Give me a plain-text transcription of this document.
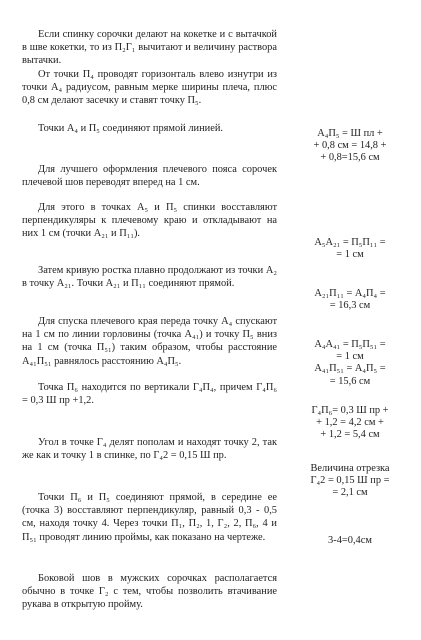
Если спинку сорочки делают на кокетке и с вытачкой в шве кокетки, то из П₂Г₁ вычитают и величину раствора вытачки.

От точки П₄ проводят горизонталь влево изнутри из точки А₄ радиусом, равным мерке ширины плеча, плюс 0,8 см делают засечку и ставят точку П₅.

Точки А₄ и П₅ соединяют прямой линией.

Для лучшего оформления плечевого пояса сорочек плечевой шов переводят вперед на 1 см.

Для этого в точках А₅ и П₅ спинки восставляют перпендикуляры к плечевому краю и откладывают на них 1 см (точки А₂₁ и П₁₁).

Затем кривую ростка плавно продолжают из точки А₂ в точку А₂₁. Точки А₂₁ и П₁₁ соединяют прямой.

Для спуска плечевого края переда точку А₄ спускают на 1 см по линии горловины (точка А₄₁) и точку П₅ вниз на 1 см (точка П₅₁) таким образом, чтобы расстояние А₄₁П₅₁ равнялось расстоянию А₄П₅.

Точка П₆ находится по вертикали Г₄П₄, причем Г₄П₆ = 0,3 Ш пр +1,2.

Угол в точке Г₄ делят пополам и находят точку 2, так же как и точку 1 в спинке, по Г₄2 = 0,15 Ш пр.

Точки П₆ и П₅ соединяют прямой, в середине ее (точка 3) восставляют перпендикуляр, равный 0,3 - 0,5 см, находя точку 4. Через точки П₁, П₂, 1, Г₂, 2, П₆, 4 и П₅₁ проводят линию проймы, как показано на чертеже.

Боковой шов в мужских сорочках располагается обычно в точке Г₂ с тем, чтобы позволить втачивание рукава в открытую пройму.

А₄П₅ = Ш пл +
+ 0,8 см = 14,8 +
+ 0,8=15,6 см

А₅А₂₁ = П₅П₁₁ =
= 1 см

А₂₁П₁₁ = А₄П₄ =
= 16,3 см

А₄А₄₁ = П₅П₅₁ =
= 1 см
А₄₁П₅₁ = А₄П₅ =
= 15,6 см

Г₄П₆= 0,3 Ш пр +
+ 1,2 = 4,2 см +
+ 1,2 = 5,4 см

Величина отрезка
Г₄2 = 0,15 Ш пр =
= 2,1 см

3-4=0,4см
